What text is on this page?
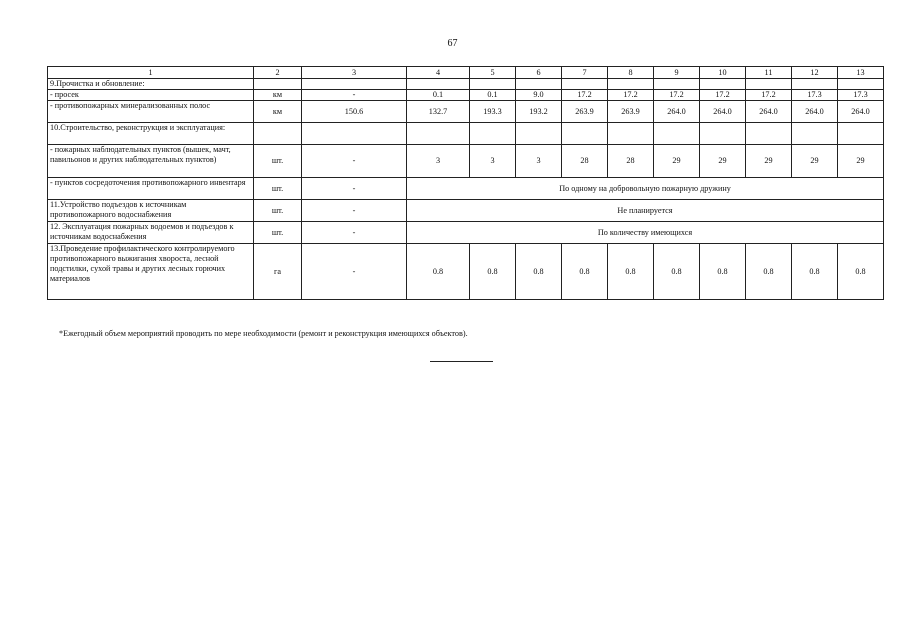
67
1	2	3	4	5	6	7	8	9	10	11	12	13
9.Прочистка и обновление:												
- просек	км	-	0.1	0.1	9.0	17.2	17.2	17.2	17.2	17.2	17.3	17.3
- противопожарных минерализованных полос	км	150.6	132.7	193.3	193.2	263.9	263.9	264.0	264.0	264.0	264.0	264.0
10.Строительство, реконструкция и эксплуатация:												
- пожарных наблюдательных пунктов (вышек, мачт, павильонов и других наблюдательных пунктов)	шт.	-	3	3	3	28	28	29	29	29	29	29
- пунктов сосредоточения противопожарного инвентаря	шт.	-	По одному на добровольную пожарную дружину									
11.Устройство подъездов к источникам противопожарного водоснабжения	шт.	-	Не планируется									
12. Эксплуатация пожарных водоемов и подъездов к источникам водоснабжения	шт.	-	По количеству имеющихся									
13.Проведение профилактического контролируемого противопожарного выжигания хвороста, лесной подстилки, сухой травы и других лесных горючих материалов	га	-	0.8	0.8	0.8	0.8	0.8	0.8	0.8	0.8	0.8	0.8
*Ежегодный объем мероприятий проводить по мере необходимости (ремонт и реконструкция имеющихся объектов).
